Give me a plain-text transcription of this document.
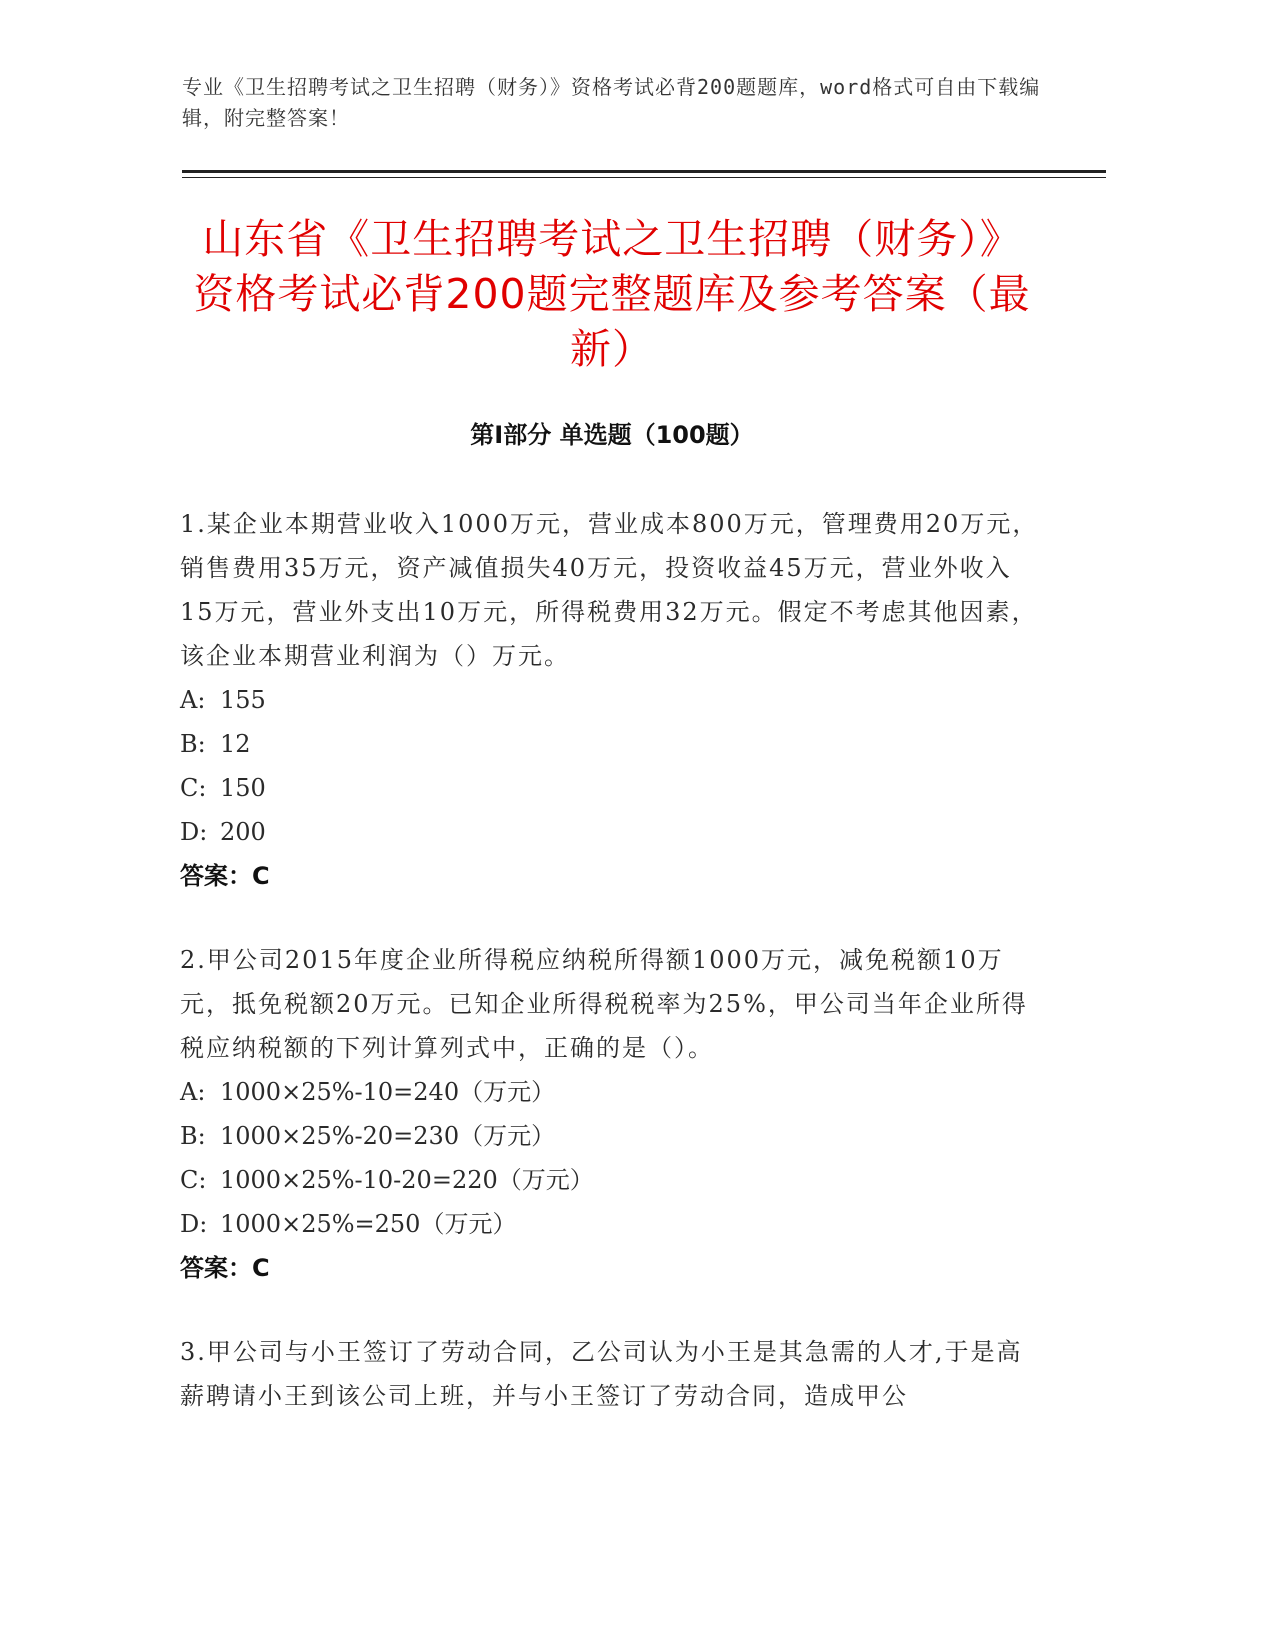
专业《卫生招聘考试之卫生招聘（财务）》资格考试必背200题题库，word格式可自由下载编辑，附完整答案！
山东省《卫生招聘考试之卫生招聘（财务）》资格考试必背200题完整题库及参考答案（最新）
第I部分 单选题（100题）
1.某企业本期营业收入1000万元，营业成本800万元，管理费用20万元，销售费用35万元，资产减值损失40万元，投资收益45万元，营业外收入15万元，营业外支出10万元，所得税费用32万元。假定不考虑其他因素，该企业本期营业利润为（）万元。
A: 155
B: 12
C: 150
D: 200
答案：C
2.甲公司2015年度企业所得税应纳税所得额1000万元，减免税额10万元，抵免税额20万元。已知企业所得税税率为25%，甲公司当年企业所得税应纳税额的下列计算列式中，正确的是（）。
A: 1000×25%-10=240（万元）
B: 1000×25%-20=230（万元）
C: 1000×25%-10-20=220（万元）
D: 1000×25%=250（万元）
答案：C
3.甲公司与小王签订了劳动合同，乙公司认为小王是其急需的人才,于是高薪聘请小王到该公司上班，并与小王签订了劳动合同，造成甲公
